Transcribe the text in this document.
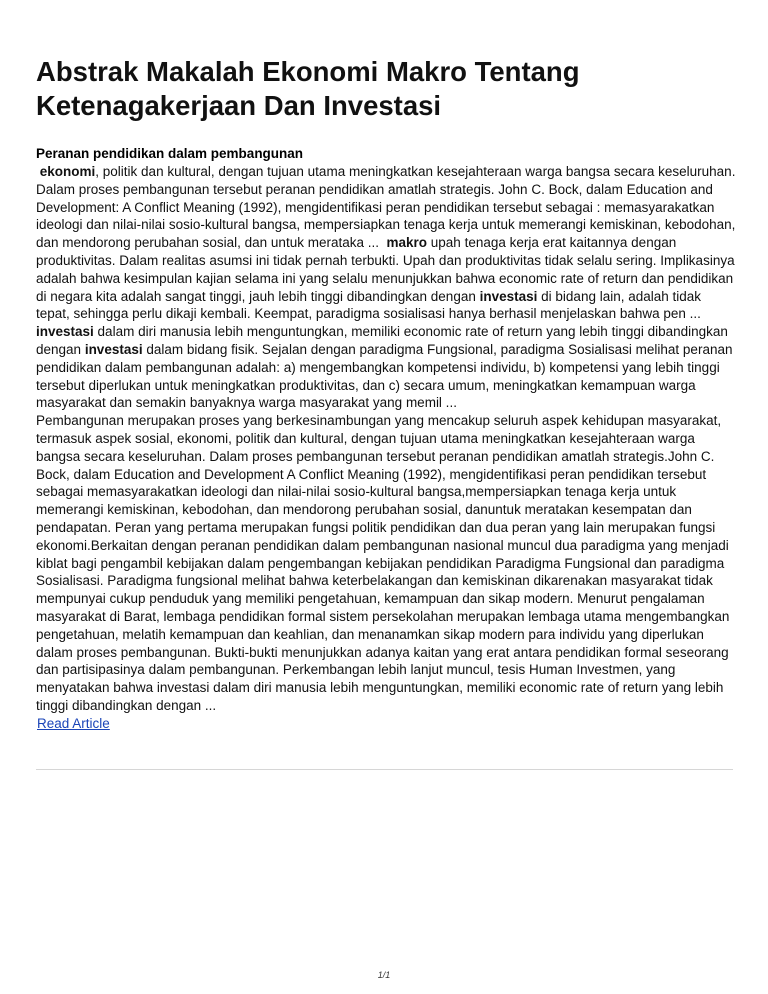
Abstrak Makalah Ekonomi Makro Tentang Ketenagakerjaan Dan Investasi
Peranan pendidikan dalam pembangunan
ekonomi, politik dan kultural, dengan tujuan utama meningkatkan kesejahteraan warga bangsa secara keseluruhan. Dalam proses pembangunan tersebut peranan pendidikan amatlah strategis. John C. Bock, dalam Education and Development: A Conflict Meaning (1992), mengidentifikasi peran pendidikan tersebut sebagai : memasyarakatkan ideologi dan nilai-nilai sosio-kultural bangsa, mempersiapkan tenaga kerja untuk memerangi kemiskinan, kebodohan, dan mendorong perubahan sosial, dan untuk merataka ... makro upah tenaga kerja erat kaitannya dengan produktivitas. Dalam realitas asumsi ini tidak pernah terbukti. Upah dan produktivitas tidak selalu sering. Implikasinya adalah bahwa kesimpulan kajian selama ini yang selalu menunjukkan bahwa economic rate of return dan pendidikan di negara kita adalah sangat tinggi, jauh lebih tinggi dibandingkan dengan investasi di bidang lain, adalah tidak tepat, sehingga perlu dikaji kembali. Keempat, paradigma sosialisasi hanya berhasil menjelaskan bahwa pen ...  investasi dalam diri manusia lebih menguntungkan, memiliki economic rate of return yang lebih tinggi dibandingkan dengan investasi dalam bidang fisik. Sejalan dengan paradigma Fungsional, paradigma Sosialisasi melihat peranan pendidikan dalam pembangunan adalah: a) mengembangkan kompetensi individu, b) kompetensi yang lebih tinggi tersebut diperlukan untuk meningkatkan produktivitas, dan c) secara umum, meningkatkan kemampuan warga masyarakat dan semakin banyaknya warga masyarakat yang memil ...
Pembangunan merupakan proses yang berkesinambungan yang mencakup seluruh aspek kehidupan masyarakat, termasuk aspek sosial, ekonomi, politik dan kultural, dengan tujuan utama meningkatkan kesejahteraan warga bangsa secara keseluruhan. Dalam proses pembangunan tersebut peranan pendidikan amatlah strategis.John C. Bock, dalam Education and Development A Conflict Meaning (1992), mengidentifikasi peran pendidikan tersebut sebagai memasyarakatkan ideologi dan nilai-nilai sosio-kultural bangsa,mempersiapkan tenaga kerja untuk memerangi kemiskinan, kebodohan, dan mendorong perubahan sosial, danuntuk meratakan kesempatan dan pendapatan. Peran yang pertama merupakan fungsi politik pendidikan dan dua peran yang lain merupakan fungsi ekonomi.Berkaitan dengan peranan pendidikan dalam pembangunan nasional muncul dua paradigma yang menjadi kiblat bagi pengambil kebijakan dalam pengembangan kebijakan pendidikan Paradigma Fungsional dan paradigma Sosialisasi. Paradigma fungsional melihat bahwa keterbelakangan dan kemiskinan dikarenakan masyarakat tidak mempunyai cukup penduduk yang memiliki pengetahuan, kemampuan dan sikap modern. Menurut pengalaman masyarakat di Barat, lembaga pendidikan formal sistem persekolahan merupakan lembaga utama mengembangkan pengetahuan, melatih kemampuan dan keahlian, dan menanamkan sikap modern para individu yang diperlukan dalam proses pembangunan. Bukti-bukti menunjukkan adanya kaitan yang erat antara pendidikan formal seseorang dan partisipasinya dalam pembangunan. Perkembangan lebih lanjut muncul, tesis Human Investmen, yang menyatakan bahwa investasi dalam diri manusia lebih menguntungkan, memiliki economic rate of return yang lebih tinggi dibandingkan dengan ...
Read Article
1/1
